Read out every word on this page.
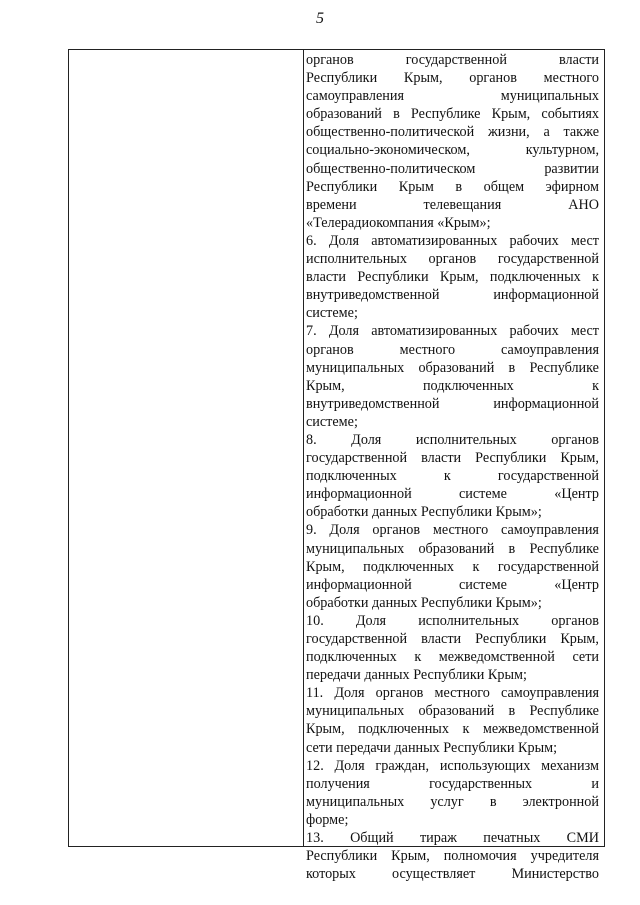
5
органов	государственной	власти
Республики Крым, органов местного
самоуправления	муниципальных
образований в Республике Крым, событиях
общественно-политической жизни, а также
социально-экономическом,	культурном,
общественно-политическом	развитии
Республики Крым в общем эфирном
времени	телевещания	АНО
«Телерадиокомпания «Крым»;
6. Доля автоматизированных рабочих мест
исполнительных органов государственной
власти Республики Крым, подключенных к
внутриведомственной	информационной
системе;
7. Доля автоматизированных рабочих мест
органов	местного	самоуправления
муниципальных образований в Республике
Крым,	подключенных	к
внутриведомственной	информационной
системе;
8. Доля исполнительных органов
государственной власти Республики Крым,
подключенных	к	государственной
информационной	системе	«Центр
обработки данных Республики Крым»;
9. Доля органов местного самоуправления
муниципальных образований в Республике
Крым, подключенных к государственной
информационной	системе	«Центр
обработки данных Республики Крым»;
10. Доля исполнительных органов
государственной власти Республики Крым,
подключенных к межведомственной сети
передачи данных Республики Крым;
11. Доля органов местного самоуправления
муниципальных образований в Республике
Крым, подключенных к межведомственной
сети передачи данных Республики Крым;
12. Доля граждан, использующих механизм
получения	государственных	и
муниципальных услуг в электронной
форме;
13. Общий тираж печатных СМИ
Республики Крым, полномочия учредителя
которых	осуществляет	Министерство
